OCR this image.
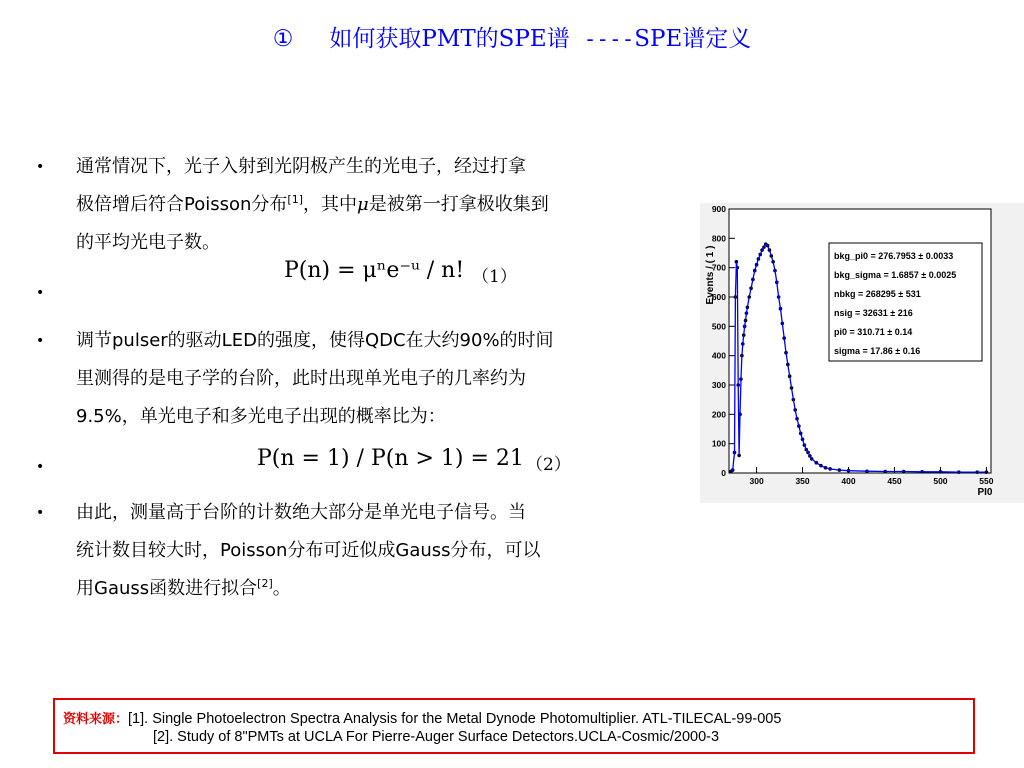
① 如何获取PMT的SPE谱 ----SPE谱定义
• 通常情况下，光子入射到光阴极产生的光电子，经过打拿
极倍增后符合Poisson分布[1]，其中μ是被第一打拿极收集到
的平均光电子数。
•
• 调节pulser的驱动LED的强度，使得QDC在大约90%的时间
里测得的是电子学的台阶，此时出现单光电子的几率约为
9.5%，单光电子和多光电子出现的概率比为：
•
• 由此，测量高于台阶的计数绝大部分是单光电子信号。当
统计数目较大时，Poisson分布可近似成Gauss分布，可以
用Gauss函数进行拟合[2]。
P(n) = μⁿe⁻ᵘ / n! （1）
P(n = 1) / P(n > 1) = 21 （2）	0
100
200
300
400
500
600
700
800
900
300	350	400	450	500	550
Events / ( 1 )
PI0
bkg_pi0 = 276.7953 ± 0.0033
bkg_sigma = 1.6857 ± 0.0025
nbkg = 268295 ± 531
nsig = 32631 ± 216
pi0 = 310.71 ± 0.14
sigma = 17.86 ± 0.16
资料来源：[1]. Single Photoelectron Spectra Analysis for the Metal Dynode Photomultiplier. ATL-TILECAL-99-005
[2]. Study of 8"PMTs at UCLA For Pierre-Auger Surface Detectors.UCLA-Cosmic/2000-3
